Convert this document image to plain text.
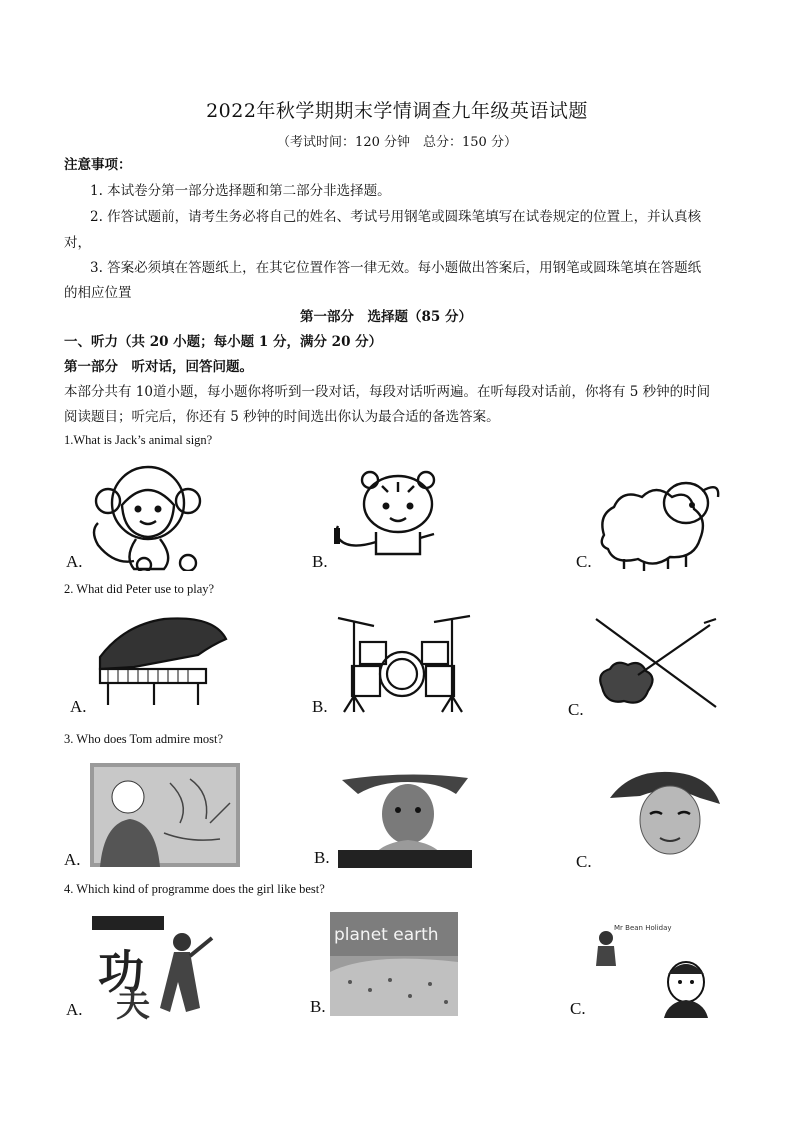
2022年秋学期期末学情调查九年级英语试题
（考试时间：120 分钟　总分：150 分）
注意事项：
1. 本试卷分第一部分选择题和第二部分非选择题。
2. 作答试题前，请考生务必将自己的姓名、考试号用钢笔或圆珠笔填写在试卷规定的位置上，并认真核
对，
3. 答案必须填在答题纸上，在其它位置作答一律无效。每小题做出答案后，用钢笔或圆珠笔填在答题纸
的相应位置
第一部分　选择题（85 分）
一、听力（共 20 小题；每小题 1 分，满分 20 分）
第一部分　听对话，回答问题。
本部分共有 10道小题，每小题你将听到一段对话，每段对话听两遍。在听每段对话前，你将有 5 秒钟的时间
阅读题目；听完后，你还有 5 秒钟的时间选出你认为最合适的备选答案。
1.What is Jack’s animal sign?
A.	B.	C.
2. What did Peter use to play?
A.	B.	C.
3. Who does Tom admire most?
A.	B.	C.
4. Which kind of programme does the girl like best?
功
夫
A.
planet earth
B.
Mr Bean Holiday
C.
